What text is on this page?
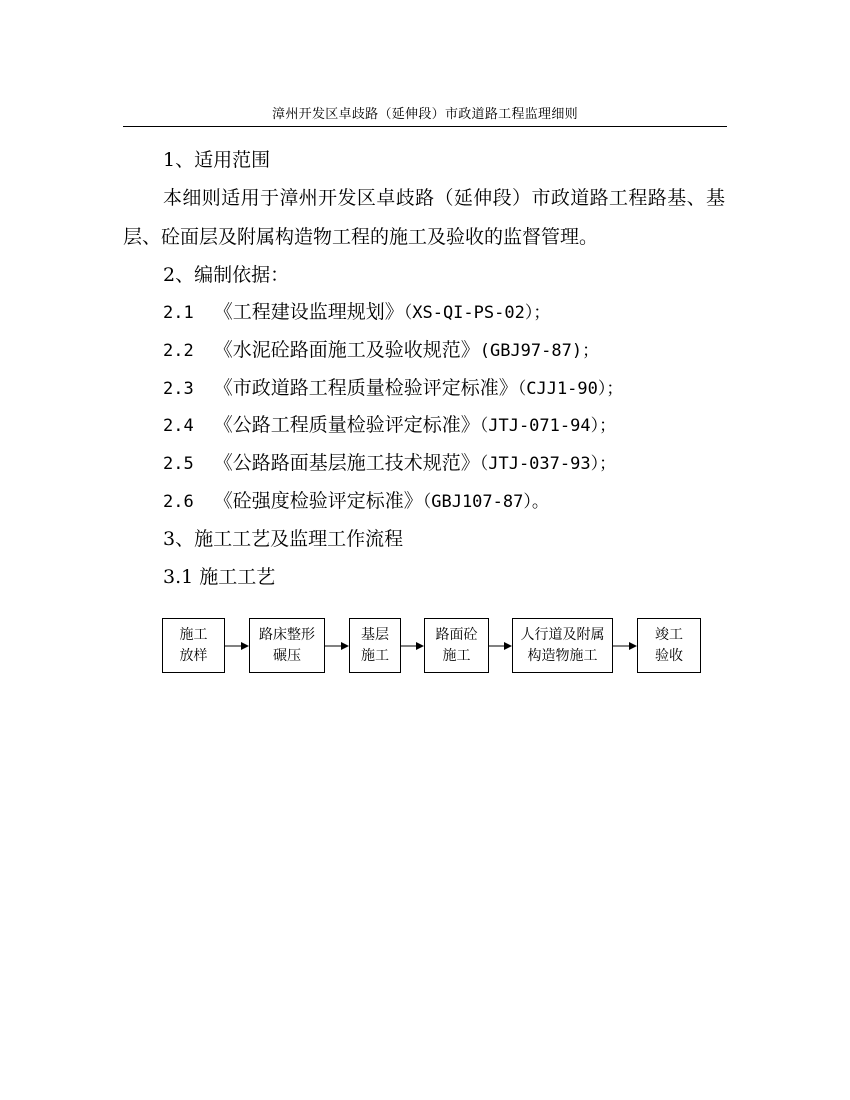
漳州开发区卓歧路（延伸段）市政道路工程监理细则
1、适用范围
本细则适用于漳州开发区卓歧路（延伸段）市政道路工程路基、基
层、砼面层及附属构造物工程的施工及验收的监督管理。
2、编制依据：
2.1 《工程建设监理规划》（XS-QI-PS-02）；
2.2 《水泥砼路面施工及验收规范》(GBJ97-87)；
2.3 《市政道路工程质量检验评定标准》（CJJ1-90）；
2.4 《公路工程质量检验评定标准》（JTJ-071-94）；
2.5 《公路路面基层施工技术规范》（JTJ-037-93）；
2.6 《砼强度检验评定标准》（GBJ107-87）。
3、施工工艺及监理工作流程
3.1 施工工艺
施工
放样
路床整形
碾压
基层
施工
路面砼
施工
人行道及附属
构造物施工
竣工
验收
